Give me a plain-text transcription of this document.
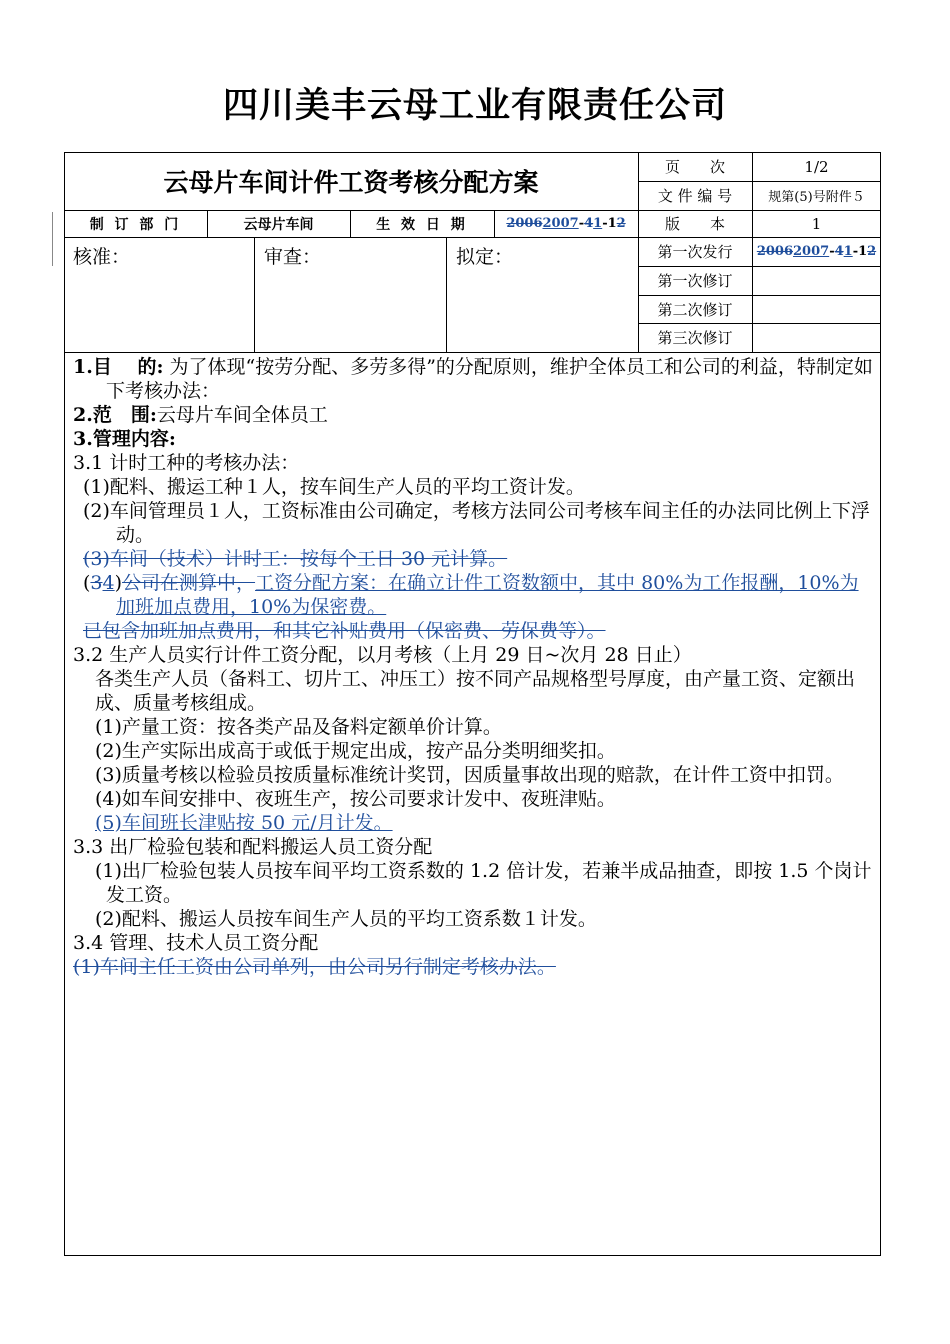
四川美丰云母工业有限责任公司
云母片车间计件工资考核分配方案
页　　次	1/2
文 件 编 号	规第(5)号附件５
制 订 部 门	云母片车间	生 效 日 期	2006 2007 - 4 1 -1 2	版　　本	1
第一次发行	2006 2007 - 4 1 -1 2
第一次修订
第二次修订
第三次修订
核准：	审查：	拟定：

1.目　 的: 为了体现“按劳分配、多劳多得”的分配原则，维护全体员工和公司的利益，特制定如下考核办法：

2.范　围:云母片车间全体员工

3.管理内容:

3.1 计时工种的考核办法：

(1)配料、搬运工种１人，按车间生产人员的平均工资计发。

(2)车间管理员１人，工资标准由公司确定，考核方法同公司考核车间主任的办法同比例上下浮动。

(3)车间（技术）计时工：按每个工日 30 元计算。

(34)公司在测算中，工资分配方案：在确立计件工资数额中，其中 80%为工作报酬，10%为加班加点费用，10%为保密费。

已包含加班加点费用，和其它补贴费用（保密费、劳保费等）。

3.2 生产人员实行计件工资分配，以月考核（上月 29 日~次月 28 日止）

各类生产人员（备料工、切片工、冲压工）按不同产品规格型号厚度，由产量工资、定额出成、质量考核组成。

(1)产量工资：按各类产品及备料定额单价计算。

(2)生产实际出成高于或低于规定出成，按产品分类明细奖扣。

(3)质量考核以检验员按质量标准统计奖罚，因质量事故出现的赔款，在计件工资中扣罚。

(4)如车间安排中、夜班生产，按公司要求计发中、夜班津贴。

(5)车间班长津贴按 50 元/月计发。

3.3 出厂检验包装和配料搬运人员工资分配

(1)出厂检验包装人员按车间平均工资系数的 1.2 倍计发，若兼半成品抽查，即按 1.5 个岗计发工资。

(2)配料、搬运人员按车间生产人员的平均工资系数１计发。

3.4 管理、技术人员工资分配

(1)车间主任工资由公司单列，由公司另行制定考核办法。
